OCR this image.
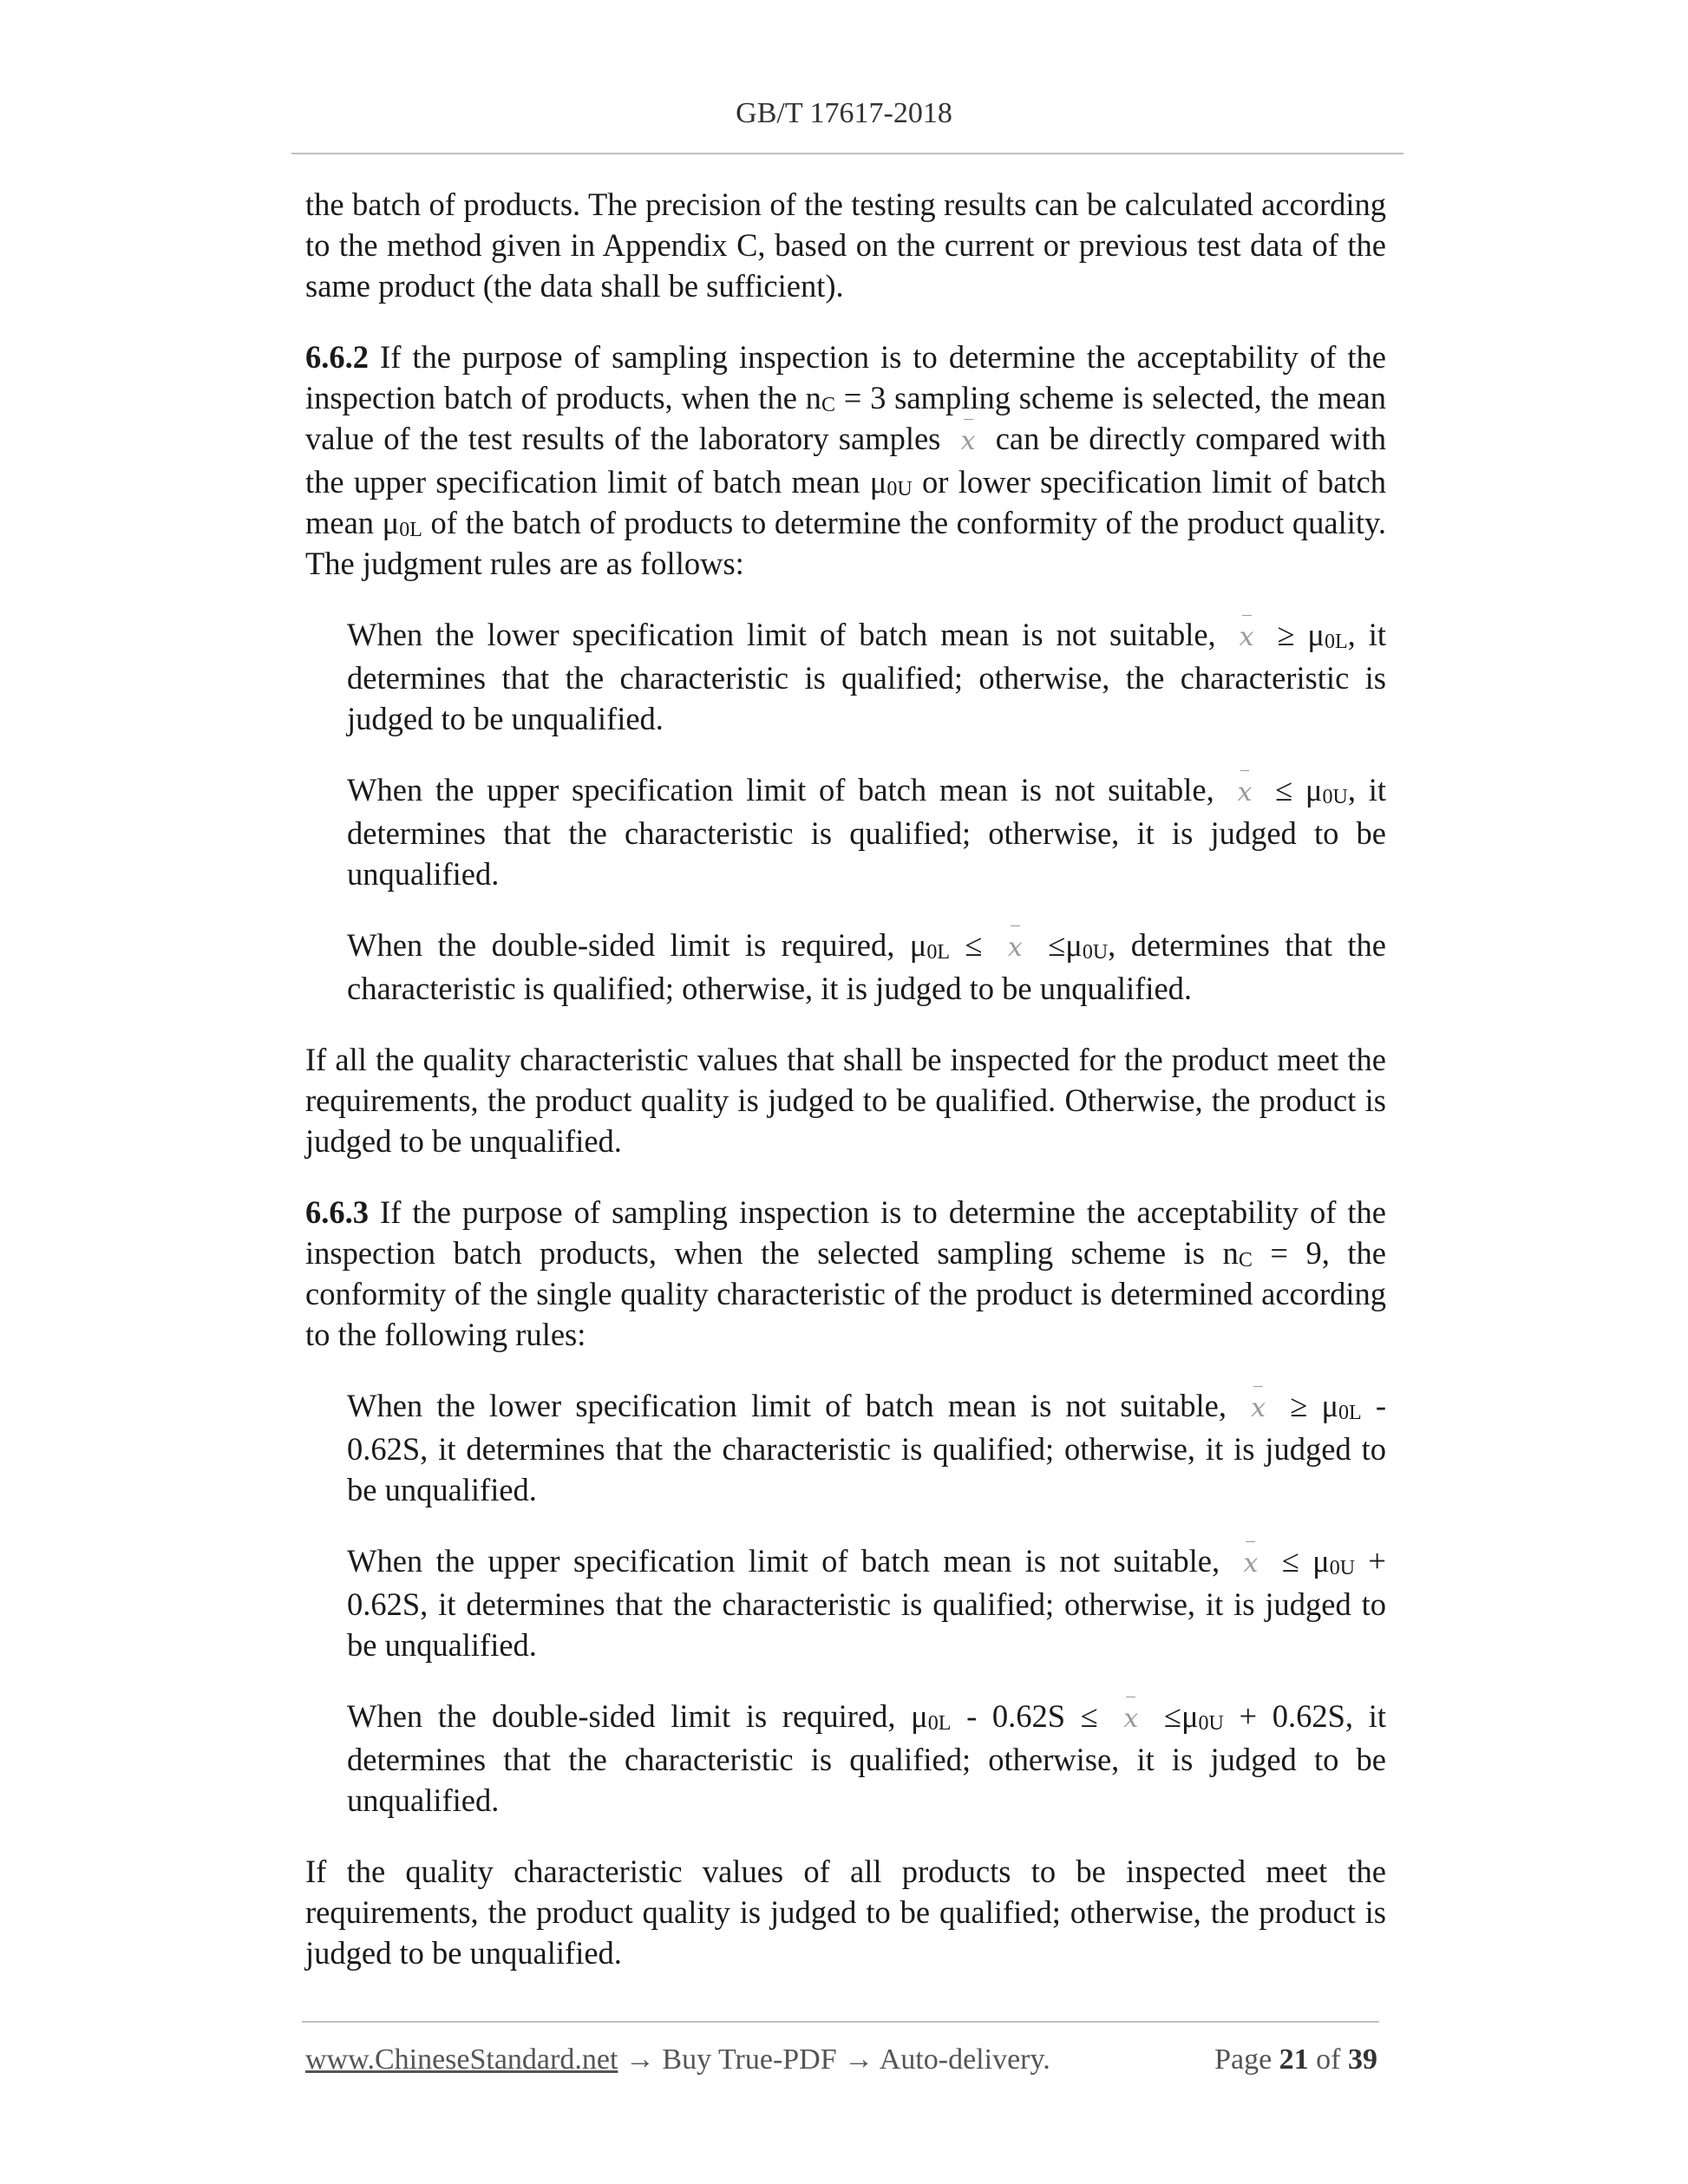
GB/T 17617-2018

the batch of products. The precision of the testing results can be calculated according to the method given in Appendix C, based on the current or previous test data of the same product (the data shall be sufficient).

6.6.2 If the purpose of sampling inspection is to determine the acceptability of the inspection batch of products, when the $n_C = 3$ sampling scheme is selected, the mean value of the test results of the laboratory samples x can be directly compared with the upper specification limit of batch mean $\mu_{0U}$ or lower specification limit of batch mean $\mu_{0L}$ of the batch of products to determine the conformity of the product quality. The judgment rules are as follows:

When the lower specification limit of batch mean is not suitable, $x \ge \mu_{0L}$, it determines that the characteristic is qualified; otherwise, the characteristic is judged to be unqualified.

When the upper specification limit of batch mean is not suitable, $x \le \mu_{0U}$, it determines that the characteristic is qualified; otherwise, it is judged to be unqualified.

When the double-sided limit is required, $\mu_{0L} \le x \le\mu_{0U}$, determines that the characteristic is qualified; otherwise, it is judged to be unqualified.

If all the quality characteristic values that shall be inspected for the product meet the requirements, the product quality is judged to be qualified. Otherwise, the product is judged to be unqualified.

6.6.3 If the purpose of sampling inspection is to determine the acceptability of the inspection batch products, when the selected sampling scheme is $n_C = 9$, the conformity of the single quality characteristic of the product is determined according to the following rules:

When the lower specification limit of batch mean is not suitable, $x \ge \mu_{0L} - 0.62S$, it determines that the characteristic is qualified; otherwise, it is judged to be unqualified.

When the upper specification limit of batch mean is not suitable, $x \le \mu_{0U} + 0.62S$, it determines that the characteristic is qualified; otherwise, it is judged to be unqualified.

When the double-sided limit is required, $\mu_{0L} - 0.62S \le x \le\mu_{0U} + 0.62S$, it determines that the characteristic is qualified; otherwise, it is judged to be unqualified.

If the quality characteristic values of all products to be inspected meet the requirements, the product quality is judged to be qualified; otherwise, the product is judged to be unqualified.

www.ChineseStandard.net → Buy True-PDF → Auto-delivery.	Page 21 of 39
